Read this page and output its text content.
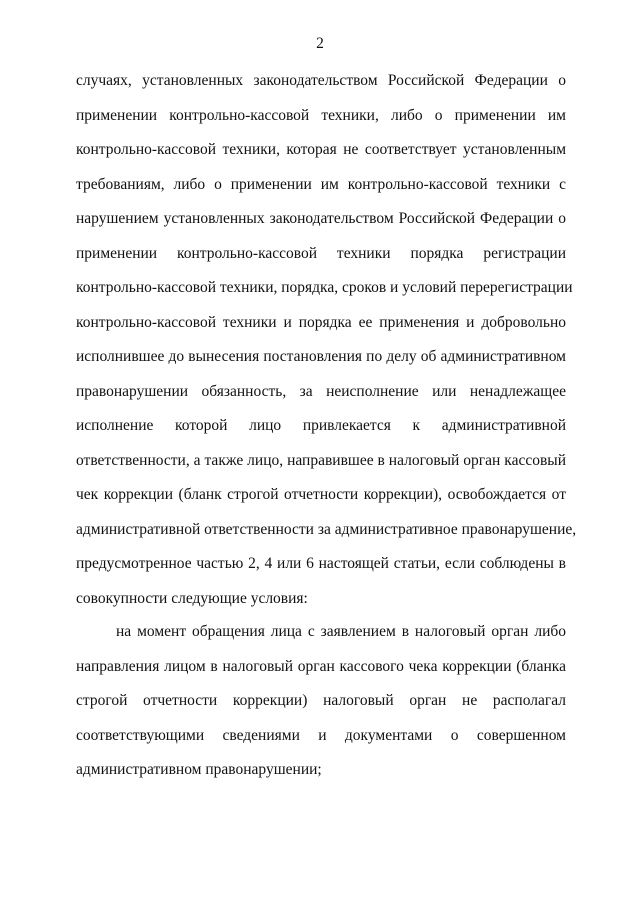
2
случаях, установленных законодательством Российской Федерации о
применении контрольно-кассовой техники, либо о применении им
контрольно-кассовой техники, которая не соответствует установленным
требованиям, либо о применении им контрольно-кассовой техники с
нарушением установленных законодательством Российской Федерации о
применении контрольно-кассовой техники порядка регистрации
контрольно-кассовой техники, порядка, сроков и условий перерегистрации
контрольно-кассовой техники и порядка ее применения и добровольно
исполнившее до вынесения постановления по делу об административном
правонарушении обязанность, за неисполнение или ненадлежащее
исполнение которой лицо привлекается к административной
ответственности, а также лицо, направившее в налоговый орган кассовый
чек коррекции (бланк строгой отчетности коррекции), освобождается от
административной ответственности за административное правонарушение,
предусмотренное частью 2, 4 или 6 настоящей статьи, если соблюдены в
совокупности следующие условия:
на момент обращения лица с заявлением в налоговый орган либо
направления лицом в налоговый орган кассового чека коррекции (бланка
строгой отчетности коррекции) налоговый орган не располагал
соответствующими сведениями и документами о совершенном
административном правонарушении;
